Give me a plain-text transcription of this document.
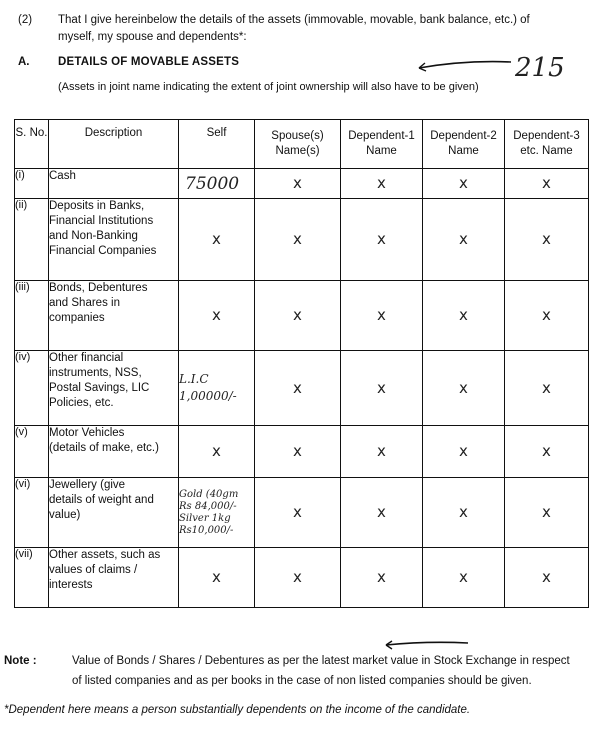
(2) That I give hereinbelow the details of the assets (immovable, movable, bank balance, etc.) of
myself, my spouse and dependents*:
A. DETAILS OF MOVABLE ASSETS
(Assets in joint name indicating the extent of joint ownership will also have to be given)
215
S. No.	Description	Self	Spouse(s) Name(s)	Dependent-1 Name	Dependent-2 Name	Dependent-3 etc. Name
(i)	Cash	75000	x	x	x	x
(ii)	Deposits in Banks,
Financial Institutions
and Non-Banking
Financial Companies	x	x	x	x	x
(iii)	Bonds, Debentures
and Shares in
companies	x	x	x	x	x
(iv)	Other financial
instruments, NSS,
Postal Savings, LIC
Policies, etc.	L.I.C
1,00000/-	x	x	x	x
(v)	Motor Vehicles
(details of make, etc.)	x	x	x	x	x
(vi)	Jewellery (give
details of weight and
value)	Gold (40gm
Rs 84,000/-
Silver 1kg
Rs10,000/-	x	x	x	x
(vii)	Other assets, such as
values of claims /
interests	x	x	x	x	x
Note :	Value of Bonds / Shares / Debentures as per the latest market value in Stock Exchange in respect
of listed companies and as per books in the case of non listed companies should be given.
*Dependent here means a person substantially dependents on the income of the candidate.
